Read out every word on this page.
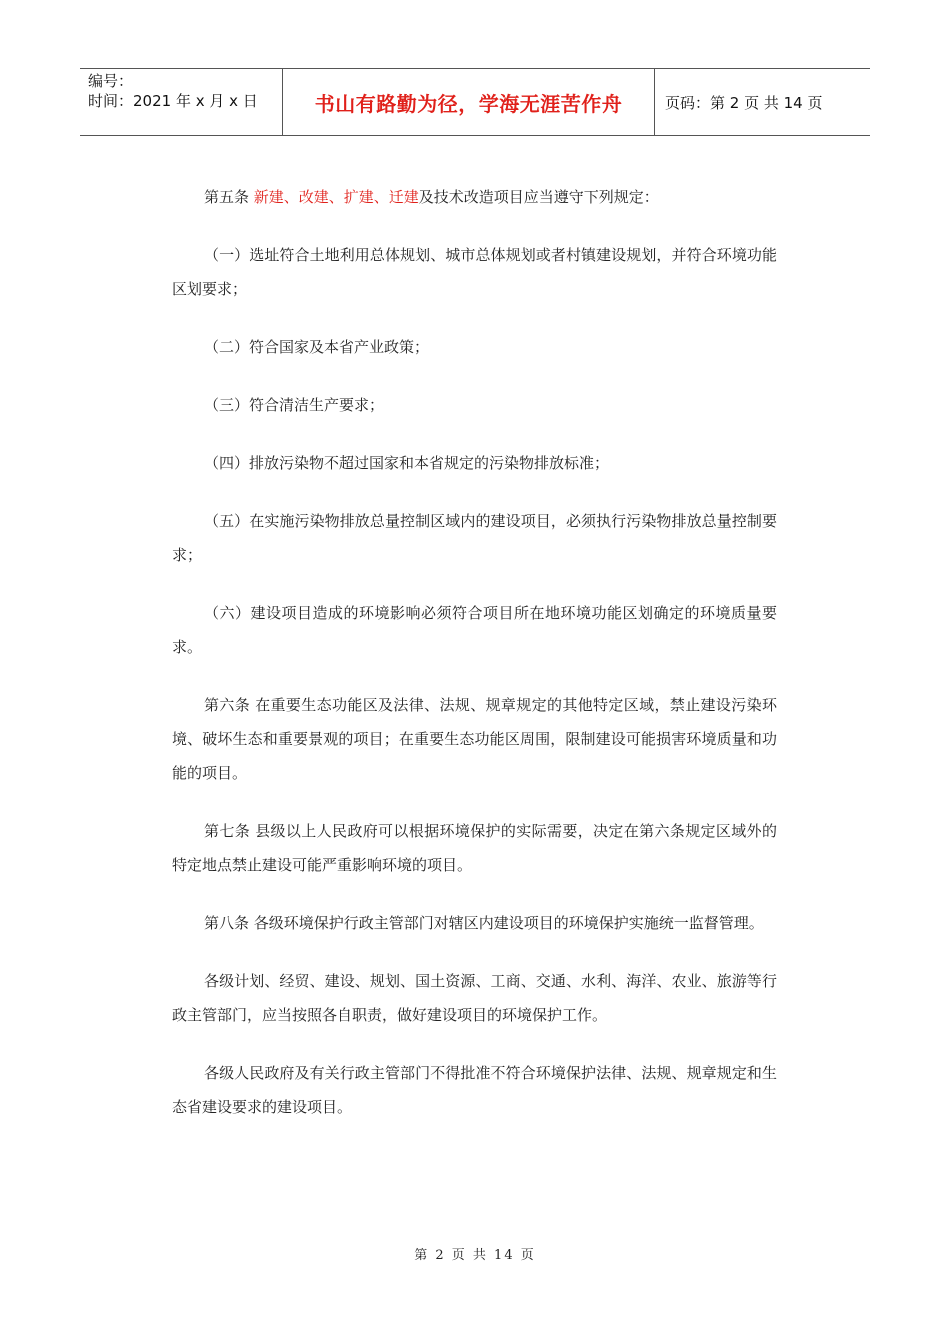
编号：
时间：2021 年 x 月 x 日	书山有路勤为径，学海无涯苦作舟	页码：第 2 页 共 14 页

第五条 新建、改建、扩建、迁建及技术改造项目应当遵守下列规定：

（一）选址符合土地利用总体规划、城市总体规划或者村镇建设规划，并符合环境功能区划要求；

（二）符合国家及本省产业政策；

（三）符合清洁生产要求；

（四）排放污染物不超过国家和本省规定的污染物排放标准；

（五）在实施污染物排放总量控制区域内的建设项目，必须执行污染物排放总量控制要求；

（六）建设项目造成的环境影响必须符合项目所在地环境功能区划确定的环境质量要求。

第六条 在重要生态功能区及法律、法规、规章规定的其他特定区域，禁止建设污染环境、破坏生态和重要景观的项目；在重要生态功能区周围，限制建设可能损害环境质量和功能的项目。

第七条 县级以上人民政府可以根据环境保护的实际需要，决定在第六条规定区域外的特定地点禁止建设可能严重影响环境的项目。

第八条 各级环境保护行政主管部门对辖区内建设项目的环境保护实施统一监督管理。

各级计划、经贸、建设、规划、国土资源、工商、交通、水利、海洋、农业、旅游等行政主管部门，应当按照各自职责，做好建设项目的环境保护工作。

各级人民政府及有关行政主管部门不得批准不符合环境保护法律、法规、规章规定和生态省建设要求的建设项目。

第 2 页 共 14 页
